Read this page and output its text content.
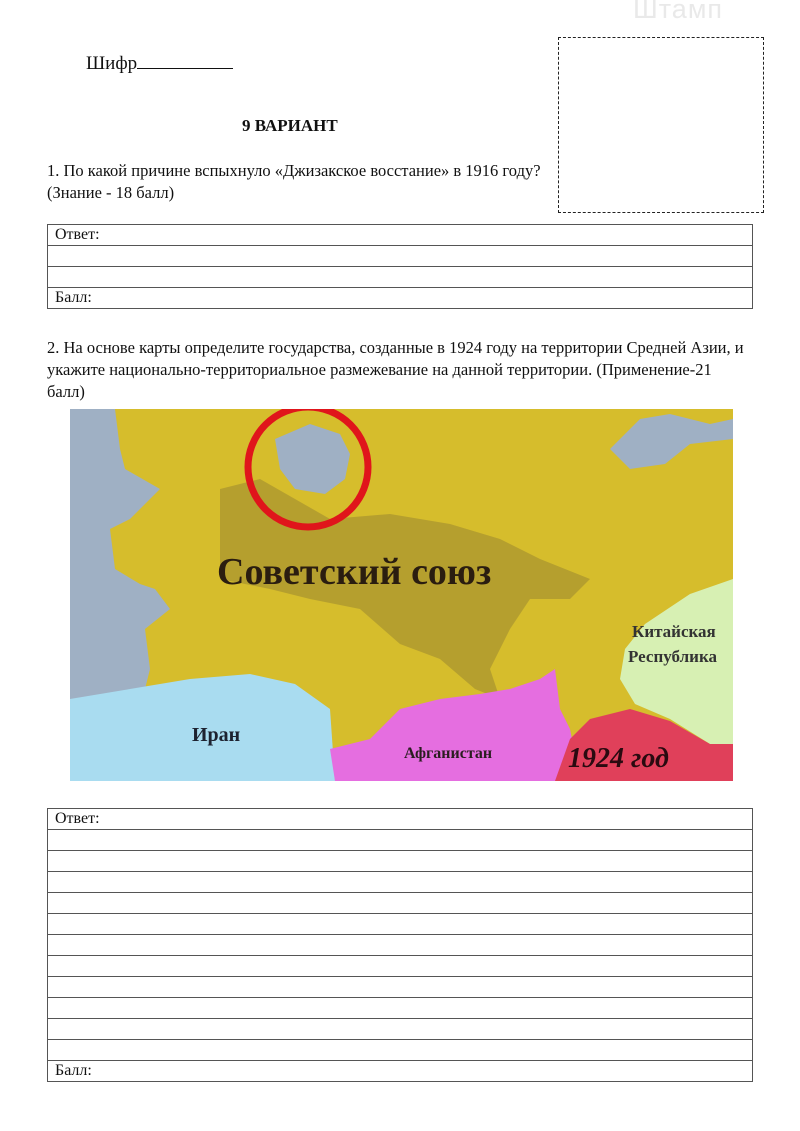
Штамп
Шифр
9 ВАРИАНТ
1. По какой причине вспыхнуло «Джизакское восстание» в 1916 году? (Знание - 18 балл)
Ответ:

Балл:
2. На основе карты определите государства, созданные в 1924 году на территории Средней Азии, и укажите национально-территориальное размежевание на данной территории. (Применение-21 балл)
Советский союз
Китайская
Республика
Иран
Афганистан	1924 год
Ответ:

Балл:
